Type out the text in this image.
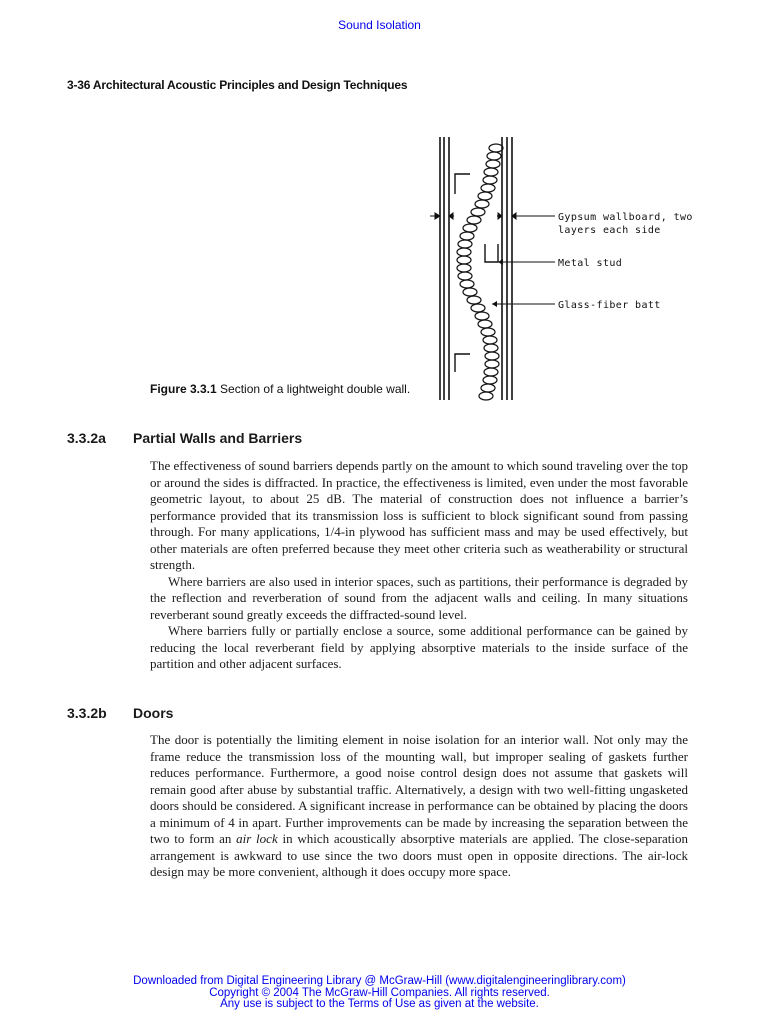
Sound Isolation
3-36 Architectural Acoustic Principles and Design Techniques
Gypsum wallboard, two
layers each side
Metal stud
Glass-fiber batt
Figure 3.3.1 Section of a lightweight double wall.
3.3.2a Partial Walls and Barriers

The effectiveness of sound barriers depends partly on the amount to which sound traveling over the top or around the sides is diffracted. In practice, the effectiveness is limited, even under the most favorable geometric layout, to about 25 dB. The material of construction does not influence a barrier’s performance provided that its transmission loss is sufficient to block significant sound from passing through. For many applications, 1/4-in plywood has sufficient mass and may be used effectively, but other materials are often preferred because they meet other criteria such as weatherability or structural strength.

Where barriers are also used in interior spaces, such as partitions, their performance is degraded by the reflection and reverberation of sound from the adjacent walls and ceiling. In many situations reverberant sound greatly exceeds the diffracted-sound level.

Where barriers fully or partially enclose a source, some additional performance can be gained by reducing the local reverberant field by applying absorptive materials to the inside surface of the partition and other adjacent surfaces.

3.3.2b Doors

The door is potentially the limiting element in noise isolation for an interior wall. Not only may the frame reduce the transmission loss of the mounting wall, but improper sealing of gaskets further reduces performance. Furthermore, a good noise control design does not assume that gaskets will remain good after abuse by substantial traffic. Alternatively, a design with two well-fitting ungasketed doors should be considered. A significant increase in performance can be obtained by placing the doors a minimum of 4 in apart. Further improvements can be made by increasing the separation between the two to form an air lock in which acoustically absorptive materials are applied. The close-separation arrangement is awkward to use since the two doors must open in opposite directions. The air-lock design may be more convenient, although it does occupy more space.

Downloaded from Digital Engineering Library @ McGraw-Hill (www.digitalengineeringlibrary.com)
Copyright © 2004 The McGraw-Hill Companies. All rights reserved.
Any use is subject to the Terms of Use as given at the website.
